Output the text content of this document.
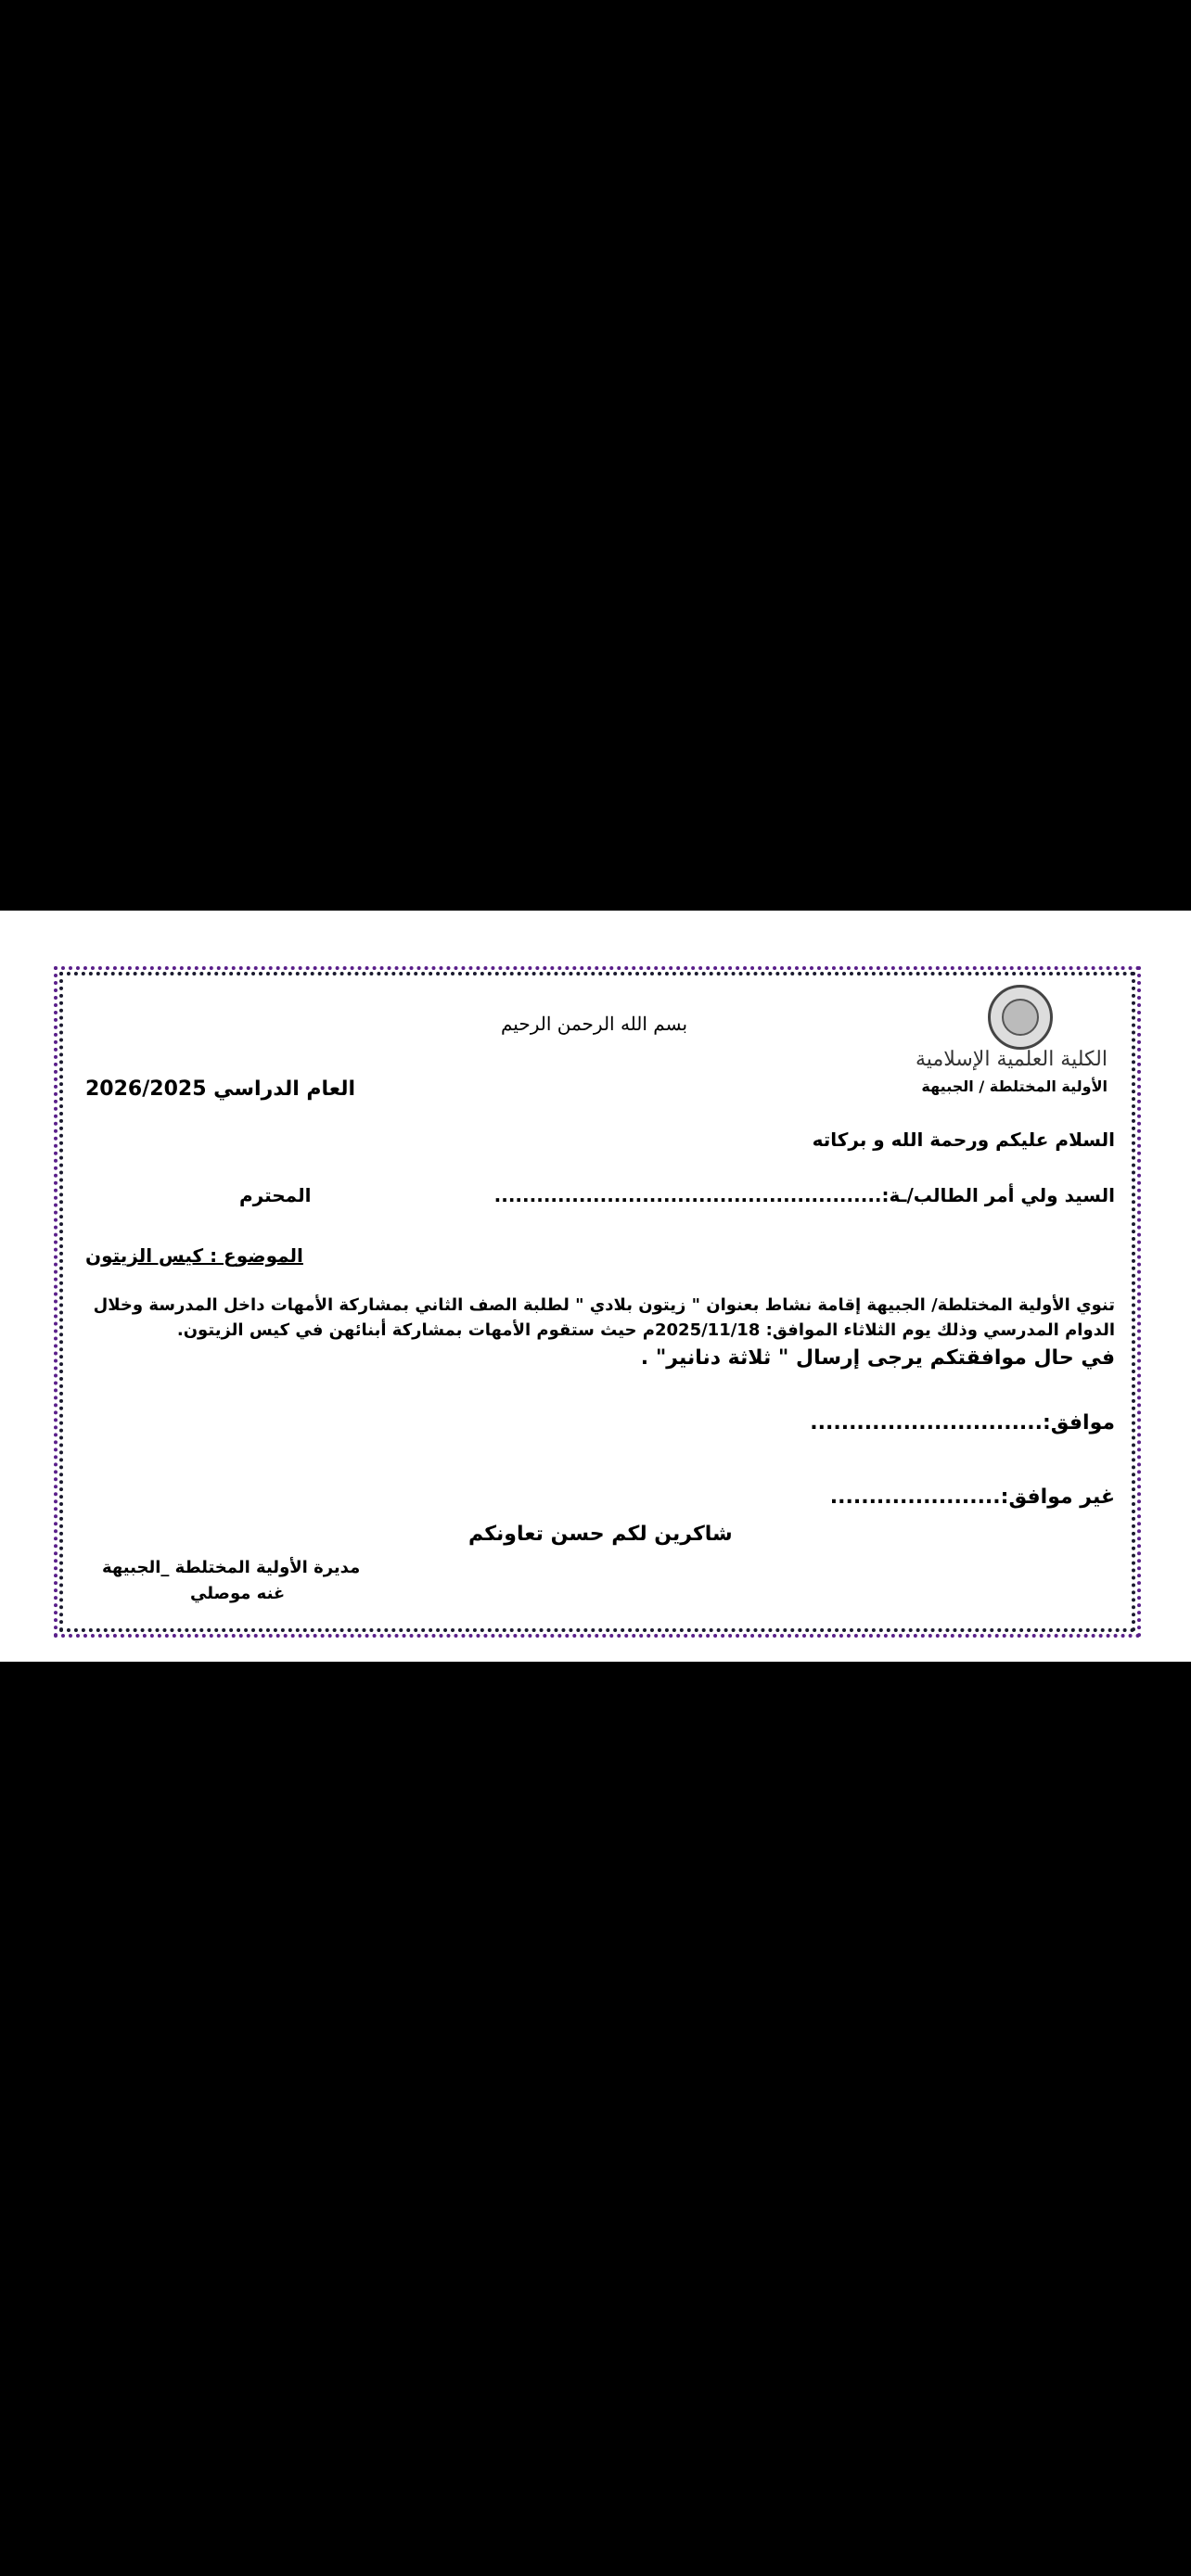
بسم الله الرحمن الرحيم
الكلية العلمية الإسلامية
الأولية المختلطة / الجبيهة
العام الدراسي 2026/2025
السلام عليكم ورحمة الله و بركاته
السيد ولي أمر الطالب/ـة:.......................................................
المحترم
الموضوع : كيس الزيتون
تنوي الأولية المختلطة/ الجبيهة إقامة نشاط بعنوان " زيتون بلادي " لطلبة الصف الثاني بمشاركة الأمهات داخل المدرسة وخلال
الدوام المدرسي وذلك يوم الثلاثاء الموافق: 2025/11/18م حيث ستقوم الأمهات بمشاركة أبنائهن في كيس الزيتون.
في حال موافقتكم يرجى إرسال " ثلاثة دنانير" .
موافق:..............................
غير موافق:......................
شاكرين لكم حسن تعاونكم
مديرة الأولية المختلطة _الجبيهة
غنه موصلي
